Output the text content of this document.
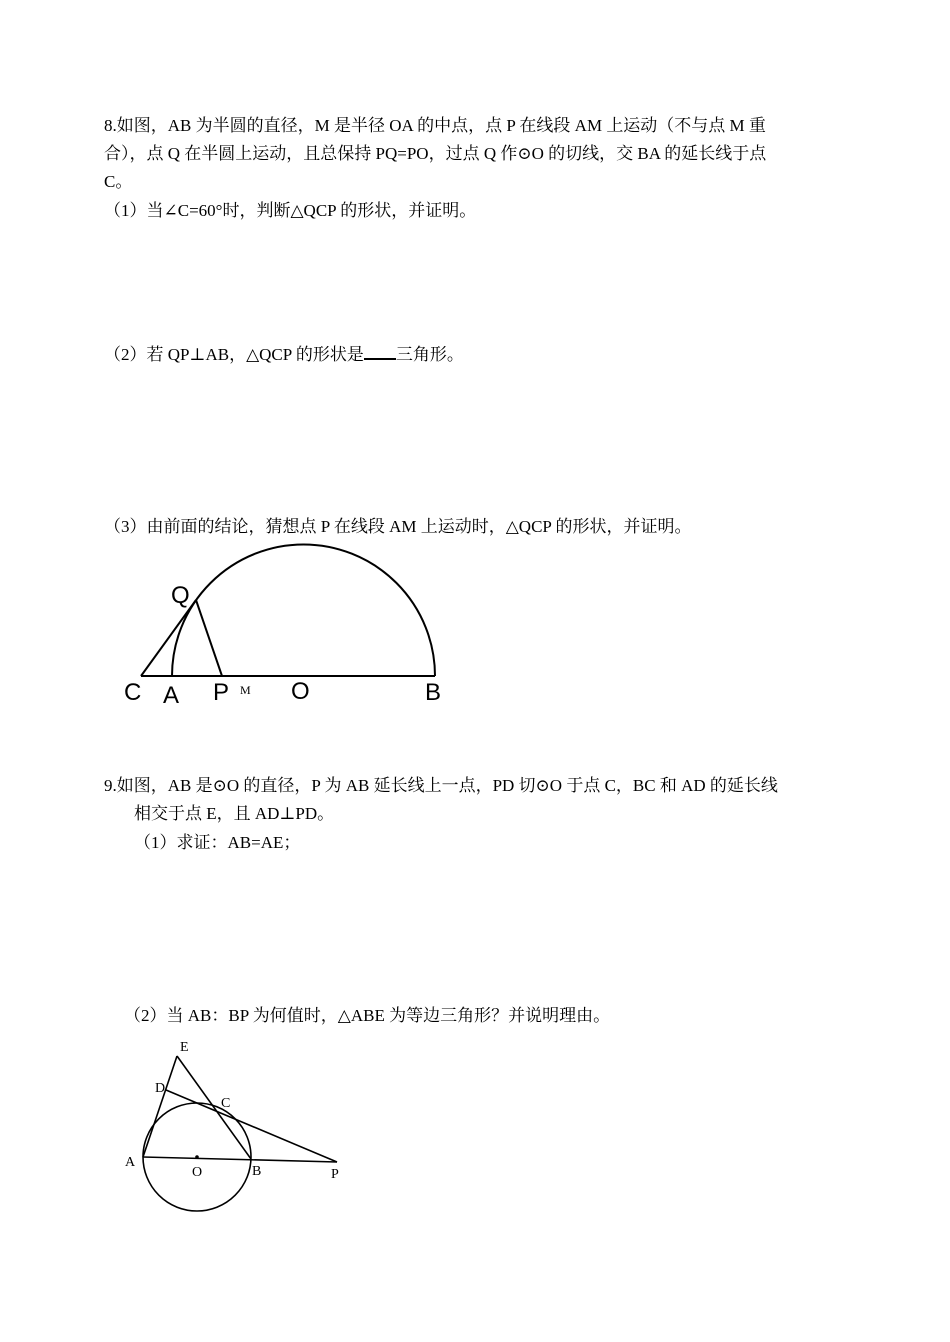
8.如图，AB 为半圆的直径，M 是半径 OA 的中点，点 P 在线段 AM 上运动（不与点 M 重
合），点 Q 在半圆上运动，且总保持 PQ=PO，过点 Q 作⊙O 的切线，交 BA 的延长线于点
C。
（1）当∠C=60°时，判断△QCP 的形状，并证明。
（2）若 QP⊥AB，△QCP 的形状是 三角形。
（3）由前面的结论，猜想点 P 在线段 AM 上运动时，△QCP 的形状，并证明。
Q
C A P M O	B
9.如图，AB 是⊙O 的直径，P 为 AB 延长线上一点，PD 切⊙O 于点 C，BC 和 AD 的延长线
相交于点 E，且 AD⊥PD。
（1）求证：AB=AE；
（2）当 AB：BP 为何值时，△ABE 为等边三角形？并说明理由。
E
D
C
A
O	B	P
